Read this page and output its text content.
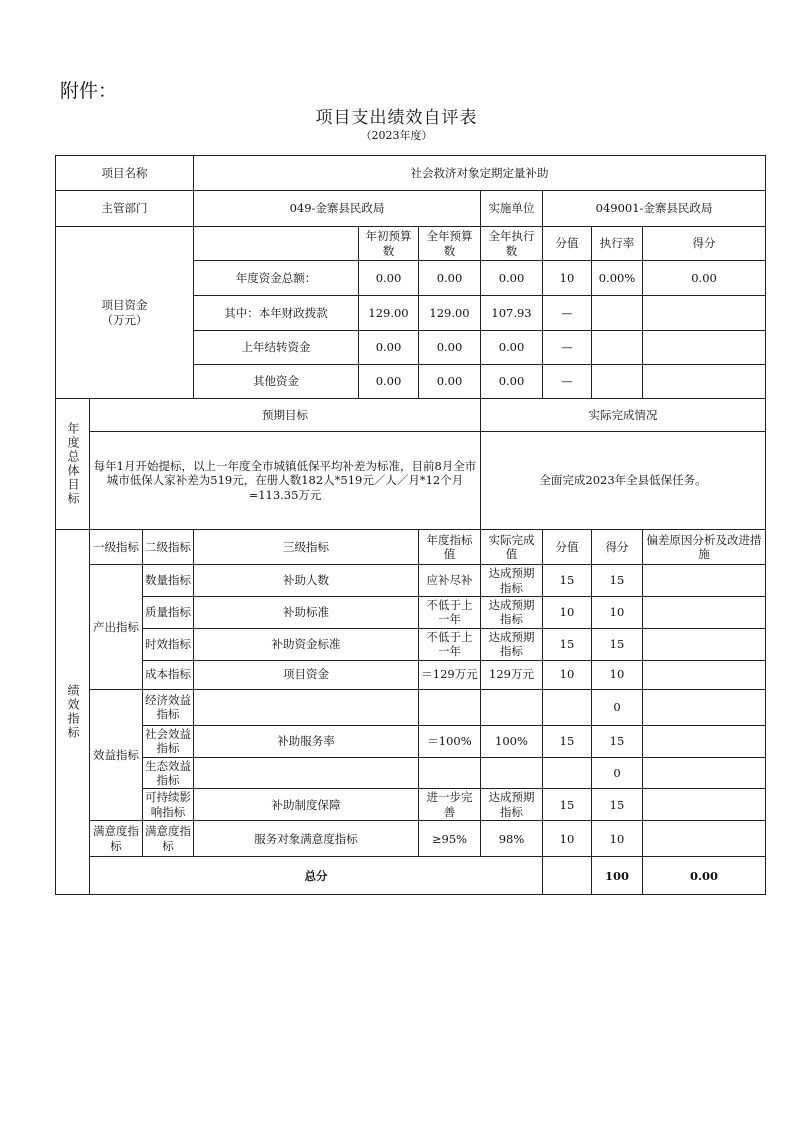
附件：
项目支出绩效自评表
（2023年度）
项目名称			社会救济对象定期定量补助							
主管部门			049-金寨县民政局			实施单位	049001-金寨县民政局			
项目资金
（万元）				年初预算数	全年预算数	全年执行数	分值	执行率	得分	
			年度资金总额：	0.00	0.00	0.00	10	0.00%	0.00	
			其中：本年财政拨款	129.00	129.00	107.93	—			
			上年结转资金	0.00	0.00	0.00	—			
			其他资金	0.00	0.00	0.00	—			
年度总体目标	预期目标					实际完成情况				
	每年1月开始提标，以上一年度全市城镇低保平均补差为标准，目前8月全市城市低保人家补差为519元，在册人数182人*519元／人／月*12个月=113.35万元					全面完成2023年全县低保任务。				
绩效指标	一级指标	二级指标	三级指标		年度指标值	实际完成值	分值	得分	偏差原因分析及改进措施	
	产出指标	数量指标	补助人数		应补尽补	达成预期指标	15	15		
		质量指标	补助标准		不低于上一年	达成预期指标	10	10		
		时效指标	补助资金标准		不低于上一年	达成预期指标	15	15		
		成本指标	项目资金		＝129万元	129万元	10	10		
	效益指标	经济效益指标						0		
		社会效益指标	补助服务率		＝100%	100%	15	15		
		生态效益指标						0		
		可持续影响指标	补助制度保障		进一步完善	达成预期指标	15	15		
	满意度指标	满意度指标	服务对象满意度指标		≥95%	98%	10	10		
	总分							100	0.00	
